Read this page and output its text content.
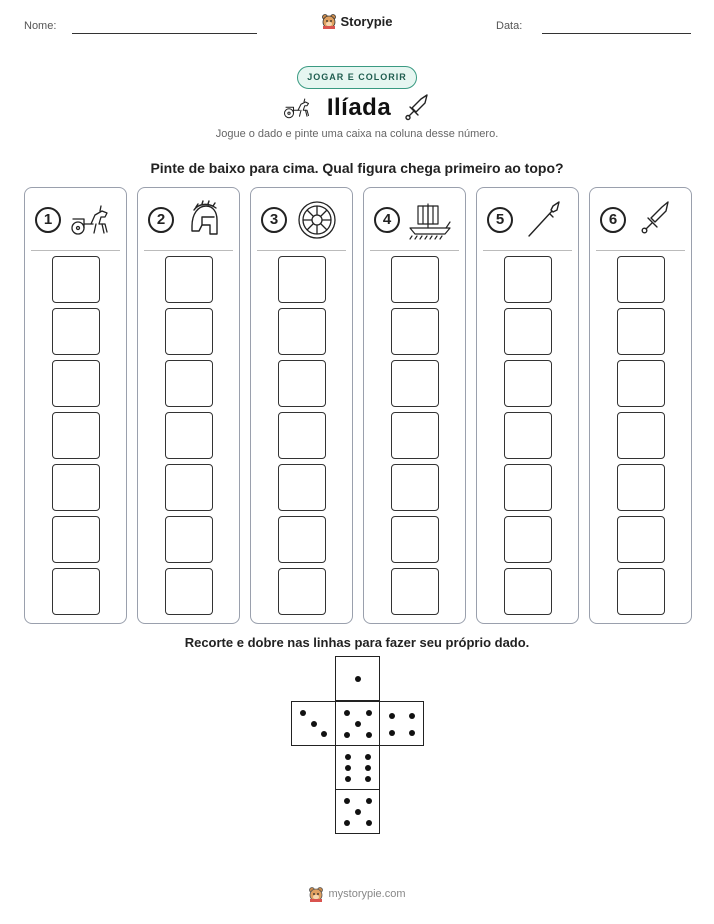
Nome:	Storypie	Data:
JOGAR E COLORIR
Ilíada
Jogue o dado e pinte uma caixa na coluna desse número.
Pinte de baixo para cima. Qual figura chega primeiro ao topo?
1	2	3	4	5	6
Recorte e dobre nas linhas para fazer seu próprio dado.
mystorypie.com
